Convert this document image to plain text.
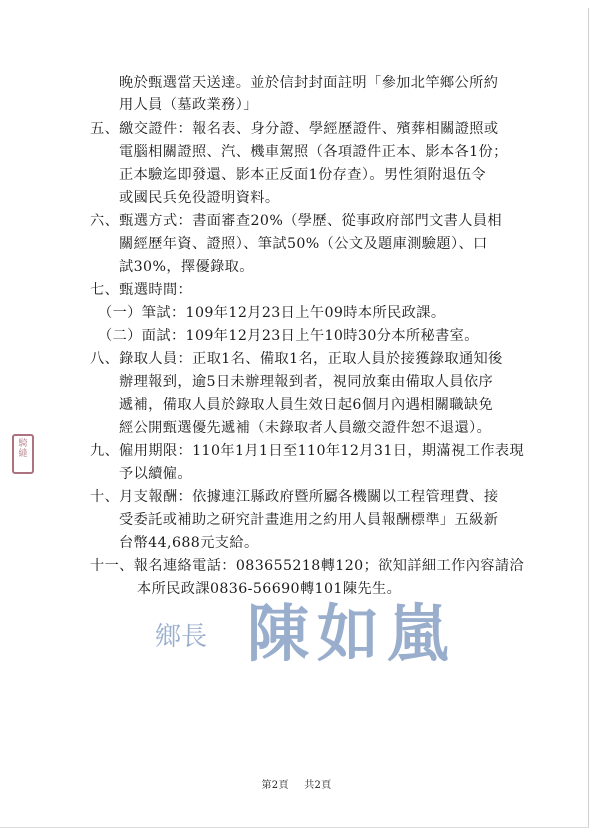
晚於甄選當天送達。並於信封封面註明「參加北竿鄉公所約
用人員（墓政業務）」
五、繳交證件：報名表、身分證、學經歷證件、殯葬相關證照或
電腦相關證照、汽、機車駕照（各項證件正本、影本各1份；
正本驗迄即發還、影本正反面1份存查）。男性須附退伍令
或國民兵免役證明資料。
六、甄選方式：書面審查20%（學歷、從事政府部門文書人員相
關經歷年資、證照）、筆試50%（公文及題庫測驗題）、口
試30%，擇優錄取。
七、甄選時間：
（一）筆試：109年12月23日上午09時本所民政課。
（二）面試：109年12月23日上午10時30分本所秘書室。
八、錄取人員：正取1名、備取1名，正取人員於接獲錄取通知後
辦理報到，逾5日未辦理報到者，視同放棄由備取人員依序
遞補，備取人員於錄取人員生效日起6個月內遇相關職缺免
經公開甄選優先遞補（未錄取者人員繳交證件恕不退還）。
九、僱用期限：110年1月1日至110年12月31日，期滿視工作表現
予以續僱。
十、月支報酬：依據連江縣政府暨所屬各機關以工程管理費、接
受委託或補助之研究計畫進用之約用人員報酬標準」五級新
台幣44,688元支給。
十一、報名連絡電話：083655218轉120；欲知詳細工作內容請洽
本所民政課0836-56690轉101陳先生。
騎
縫
鄉長 陳如嵐
第2頁 共2頁
